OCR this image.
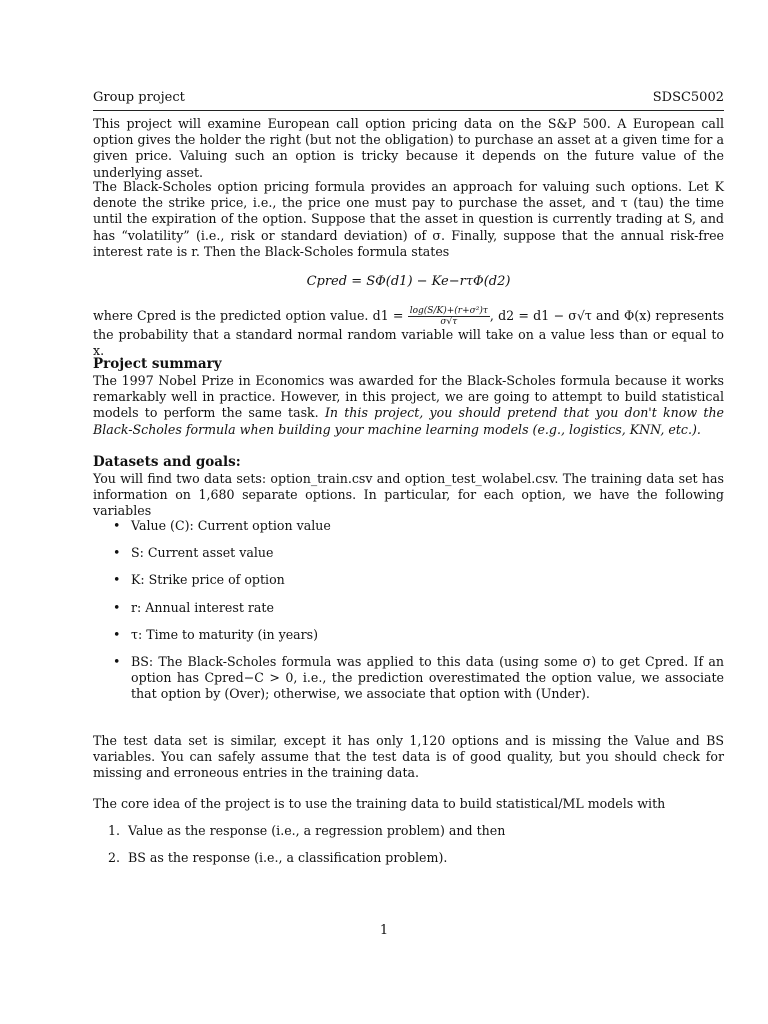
Group project	SDSC5002

This project will examine European call option pricing data on the S&P 500. A European call option gives the holder the right (but not the obligation) to purchase an asset at a given time for a given price. Valuing such an option is tricky because it depends on the future value of the underlying asset.

The Black-Scholes option pricing formula provides an approach for valuing such options. Let K denote the strike price, i.e., the price one must pay to purchase the asset, and τ (tau) the time until the expiration of the option. Suppose that the asset in question is currently trading at S, and has “volatility” (i.e., risk or standard deviation) of σ. Finally, suppose that the annual risk-free interest rate is r. Then the Black-Scholes formula states

Cpred = SΦ(d1) − Ke−rτΦ(d2)

where Cpred is the predicted option value. $d1 = \frac{\text{log(S/K)+(r+σ²)τ}}{\sigma√\tau}$ , d2 = d1 − σ√τ and Φ(x) represents the probability that a standard normal random variable will take on a value less than or equal to x.

Project summary

The 1997 Nobel Prize in Economics was awarded for the Black-Scholes formula because it works remarkably well in practice. However, in this project, we are going to attempt to build statistical models to perform the same task. In this project, you should pretend that you don't know the Black-Scholes formula when building your machine learning models (e.g., logistics, KNN, etc.).

Datasets and goals:

You will find two data sets: option_train.csv and option_test_wolabel.csv. The training data set has information on 1,680 separate options. In particular, for each option, we have the following variables

• Value (C): Current option value
• S: Current asset value
• K: Strike price of option
• r: Annual interest rate
• τ: Time to maturity (in years)
• BS: The Black-Scholes formula was applied to this data (using some σ) to get Cpred. If an option has Cpred−C > 0, i.e., the prediction overestimated the option value, we associate that option by (Over); otherwise, we associate that option with (Under).

The test data set is similar, except it has only 1,120 options and is missing the Value and BS variables. You can safely assume that the test data is of good quality, but you should check for missing and erroneous entries in the training data.

The core idea of the project is to use the training data to build statistical/ML models with

1. Value as the response (i.e., a regression problem) and then
2. BS as the response (i.e., a classification problem).
1
